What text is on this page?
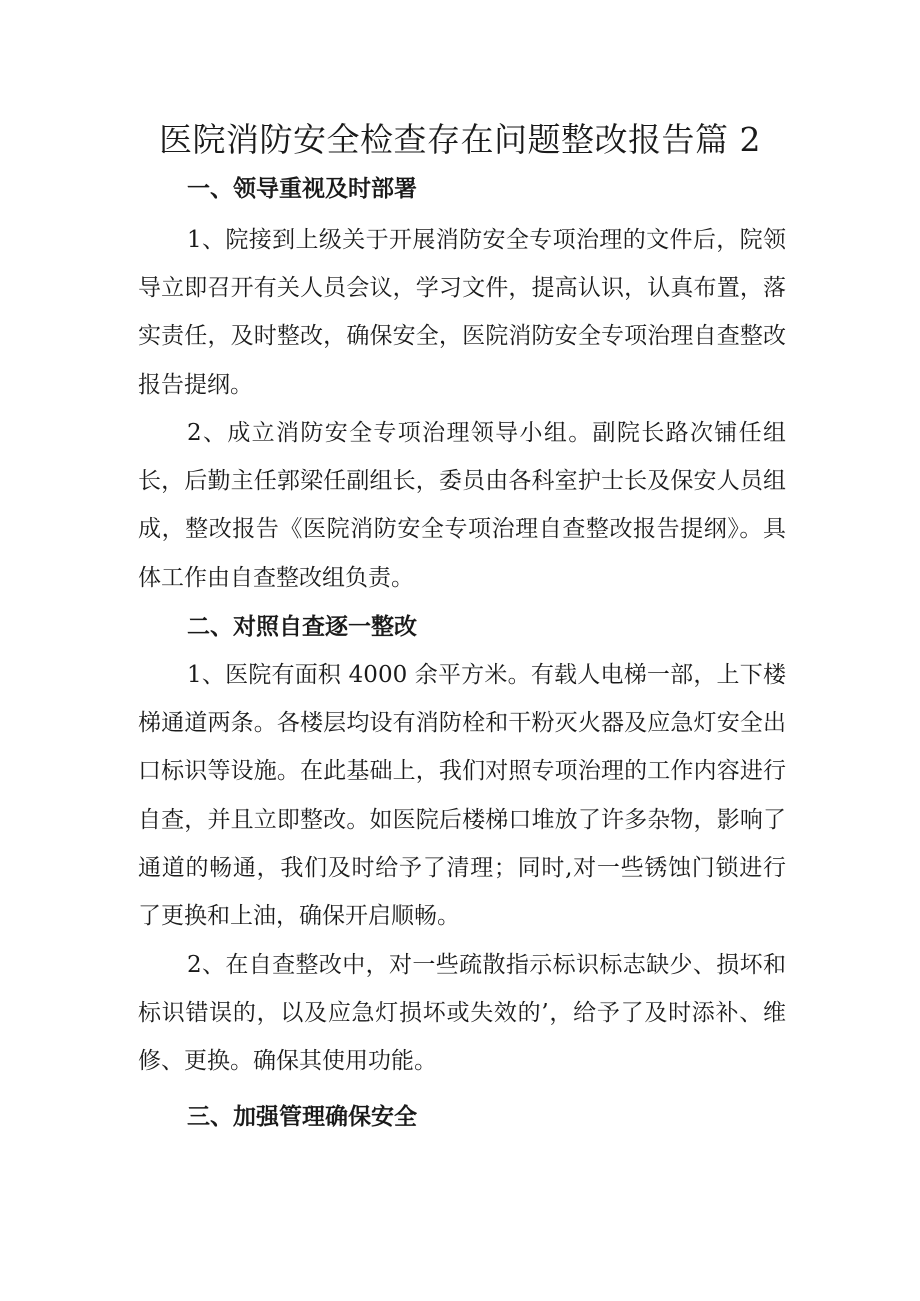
医院消防安全检查存在问题整改报告篇 2
一、领导重视及时部署

1、院接到上级关于开展消防安全专项治理的文件后，院领导立即召开有关人员会议，学习文件，提高认识，认真布置，落实责任，及时整改，确保安全，医院消防安全专项治理自查整改报告提纲。

2、成立消防安全专项治理领导小组。副院长路次铺任组长，后勤主任郭梁任副组长，委员由各科室护士长及保安人员组成，整改报告《医院消防安全专项治理自查整改报告提纲》。具体工作由自查整改组负责。

二、对照自查逐一整改

1、医院有面积 4000 余平方米。有载人电梯一部，上下楼梯通道两条。各楼层均设有消防栓和干粉灭火器及应急灯安全出口标识等设施。在此基础上，我们对照专项治理的工作内容进行自查，并且立即整改。如医院后楼梯口堆放了许多杂物，影响了通道的畅通，我们及时给予了清理；同时,对一些锈蚀门锁进行了更换和上油，确保开启顺畅。

2、在自查整改中，对一些疏散指示标识标志缺少、损坏和标识错误的，以及应急灯损坏或失效的’，给予了及时添补、维修、更换。确保其使用功能。

三、加强管理确保安全
